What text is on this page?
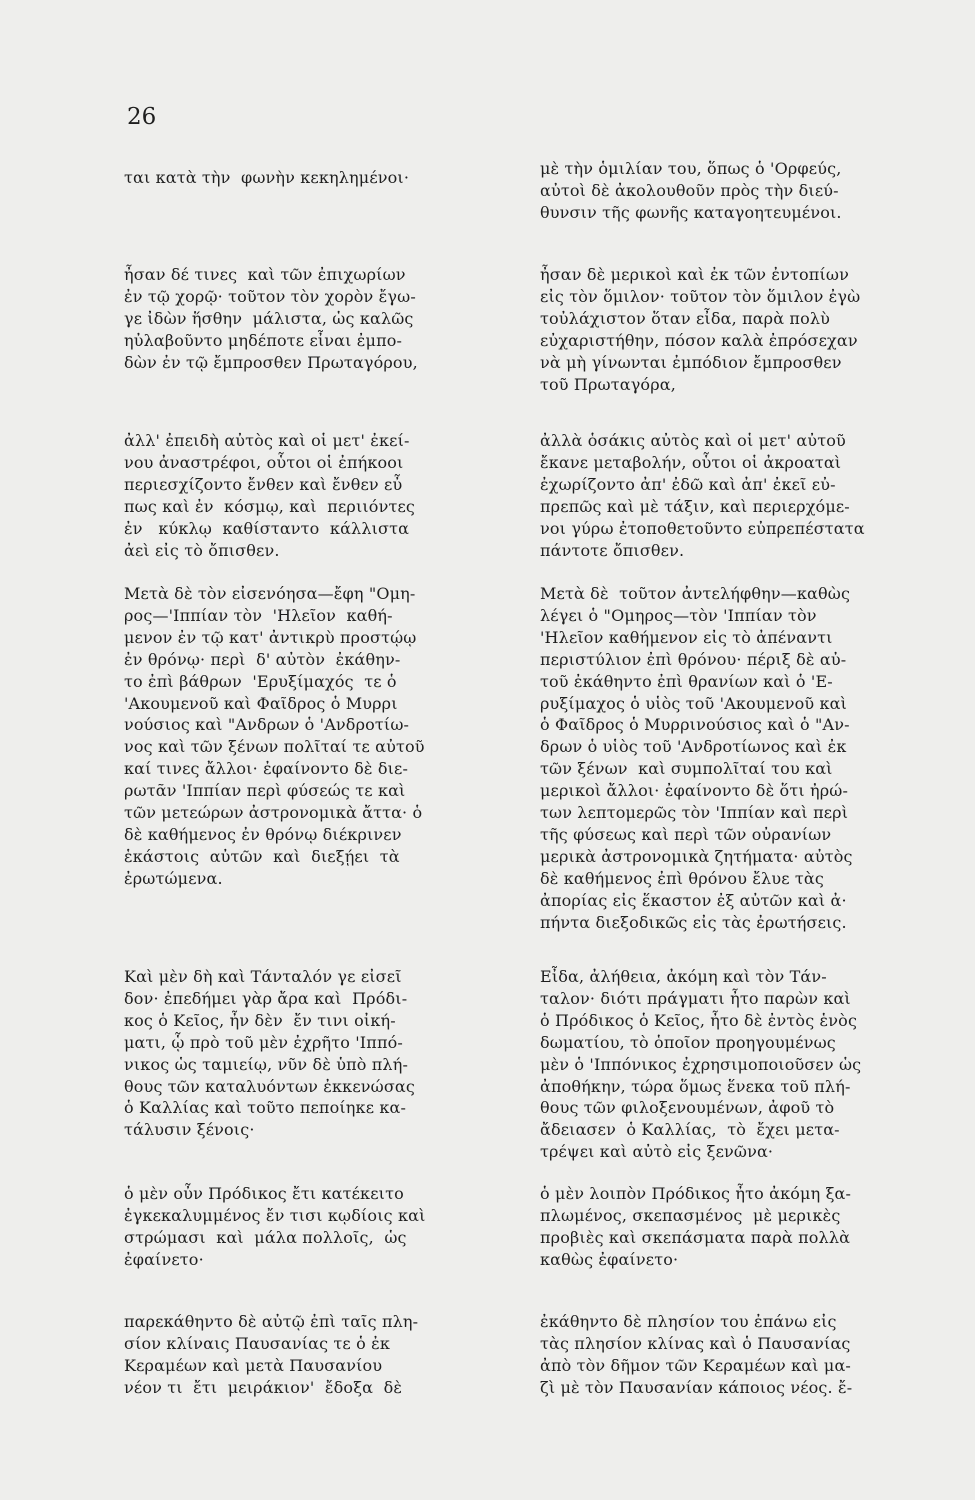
26

ται κατὰ τὴν  φωνὴν κεκηλημένοι·

ἦσαν δέ τινες  καὶ τῶν ἐπιχωρίων
ἐν τῷ χορῷ· τοῦτον τὸν χορὸν ἔγω-
γε ἰδὼν ἥσθην  μάλιστα, ὡς καλῶς
ηὐλαβοῦντο μηδέποτε εἶναι ἐμπο-
δὼν ἐν τῷ ἔμπροσθεν Πρωταγόρου,

ἀλλ' ἐπειδὴ αὐτὸς καὶ οἱ μετ' ἐκεί-
νου ἀναστρέφοι, οὗτοι οἱ ἐπήκοοι
περιεσχίζοντο ἔνθεν καὶ ἔνθεν εὖ
πως καὶ ἐν  κόσμῳ, καὶ  περιιόντες
ἐν   κύκλῳ  καθίσταντο  κάλλιστα
ἀεὶ εἰς τὸ ὄπισθεν.

Μετὰ δὲ τὸν εἰσενόησα—ἔφη "Ομη-
ρος—'Ιππίαν τὸν  'Ηλεῖον  καθή-
μενον ἐν τῷ κατ' ἀντικρὺ προστῴῳ
ἐν θρόνῳ· περὶ  δ' αὐτὸν  ἐκάθην-
το ἐπὶ βάθρων  'Ερυξίμαχός  τε ὁ
'Ακουμενοῦ καὶ Φαῖδρος ὁ Μυρρι
νούσιος καὶ "Ανδρων ὁ 'Ανδροτίω-
νος καὶ τῶν ξένων πολῖταί τε αὐτοῦ
καί τινες ἄλλοι· ἐφαίνοντο δὲ διε-
ρωτᾶν 'Ιππίαν περὶ φύσεώς τε καὶ
τῶν μετεώρων ἀστρονομικὰ ἄττα· ὁ
δὲ καθήμενος ἐν θρόνῳ διέκρινεν
ἑκάστοις  αὐτῶν  καὶ  διεξῄει  τὰ
ἐρωτώμενα.

Καὶ μὲν δὴ καὶ Τάνταλόν γε εἰσεῖ
δον· ἐπεδήμει γὰρ ἄρα καὶ  Πρόδι-
κος ὁ Κεῖος, ἦν δὲν  ἔν τινι οἰκή-
ματι, ᾧ πρὸ τοῦ μὲν ἐχρῆτο 'Ιππό-
νικος ὡς ταμιείῳ, νῦν δὲ ὑπὸ πλή-
θους τῶν καταλυόντων ἐκκενώσας
ὁ Καλλίας καὶ τοῦτο πεποίηκε κα-
τάλυσιν ξένοις·

ὁ μὲν οὖν Πρόδικος ἔτι κατέκειτο
ἐγκεκαλυμμένος ἔν τισι κῳδίοις καὶ
στρώμασι  καὶ  μάλα πολλοῖς,  ὡς
ἐφαίνετο·

παρεκάθηντο δὲ αὐτῷ ἐπὶ ταῖς πλη-
σίον κλίναις Παυσανίας τε ὁ ἐκ
Κεραμέων καὶ μετὰ Παυσανίου
νέον τι  ἔτι  μειράκιον'  ἔδοξα  δὲ

μὲ τὴν ὁμιλίαν του, ὅπως ὁ 'Ορφεύς,
αὐτοὶ δὲ ἀκολουθοῦν πρὸς τὴν διεύ-
θυνσιν τῆς φωνῆς καταγοητευμένοι.

ἦσαν δὲ μερικοὶ καὶ ἐκ τῶν ἐντοπίων
εἰς τὸν ὅμιλον· τοῦτον τὸν ὅμιλον ἐγὼ
τοὐλάχιστον ὅταν εἶδα, παρὰ πολὺ
εὐχαριστήθην, πόσον καλὰ ἐπρόσεχαν
νὰ μὴ γίνωνται ἐμπόδιον ἔμπροσθεν
τοῦ Πρωταγόρα,

ἀλλὰ ὁσάκις αὐτὸς καὶ οἱ μετ' αὐτοῦ
ἔκανε μεταβολήν, οὗτοι οἱ ἀκροαταὶ
ἐχωρίζοντο ἀπ' ἐδῶ καὶ ἀπ' ἐκεῖ εὐ-
πρεπῶς καὶ μὲ τάξιν, καὶ περιερχόμε-
νοι γύρω ἐτοποθετοῦντο εὐπρεπέστατα
πάντοτε ὄπισθεν.

Μετὰ δὲ  τοῦτον ἀντελήφθην—καθὼς
λέγει ὁ "Ομηρος—τὸν 'Ιππίαν τὸν
'Ηλεῖον καθήμενον εἰς τὸ ἀπέναντι
περιστύλιον ἐπὶ θρόνου· πέριξ δὲ αὐ-
τοῦ ἐκάθηντο ἐπὶ θρανίων καὶ ὁ 'Ε-
ρυξίμαχος ὁ υἱὸς τοῦ 'Ακουμενοῦ καὶ
ὁ Φαῖδρος ὁ Μυρρινούσιος καὶ ὁ "Αν-
δρων ὁ υἱὸς τοῦ 'Ανδροτίωνος καὶ ἐκ
τῶν ξένων  καὶ συμπολῖταί του καὶ
μερικοὶ ἄλλοι· ἐφαίνοντο δὲ ὅτι ἠρώ-
των λεπτομερῶς τὸν 'Ιππίαν καὶ περὶ
τῆς φύσεως καὶ περὶ τῶν οὐρανίων
μερικὰ ἀστρονομικὰ ζητήματα· αὐτὸς
δὲ καθήμενος ἐπὶ θρόνου ἔλυε τὰς
ἀπορίας εἰς ἕκαστον ἐξ αὐτῶν καὶ ἀ·
πήντα διεξοδικῶς εἰς τὰς ἐρωτήσεις.

Εἶδα, ἀλήθεια, ἀκόμη καὶ τὸν Τάν-
ταλον· διότι πράγματι ἦτο παρὼν καὶ
ὁ Πρόδικος ὁ Κεῖος, ἦτο δὲ ἐντὸς ἑνὸς
δωματίου, τὸ ὁποῖον προηγουμένως
μὲν ὁ 'Ιππόνικος ἐχρησιμοποιοῦσεν ὡς
ἀποθήκην, τώρα ὅμως ἕνεκα τοῦ πλή-
θους τῶν φιλοξενουμένων, ἀφοῦ τὸ
ἄδειασεν  ὁ Καλλίας,  τὸ  ἔχει μετα-
τρέψει καὶ αὐτὸ εἰς ξενῶνα·

ὁ μὲν λοιπὸν Πρόδικος ἦτο ἀκόμη ξα-
πλωμένος, σκεπασμένος  μὲ μερικὲς
προβιὲς καὶ σκεπάσματα παρὰ πολλὰ
καθὼς ἐφαίνετο·

ἐκάθηντο δὲ πλησίον του ἐπάνω εἰς
τὰς πλησίον κλίνας καὶ ὁ Παυσανίας
ἀπὸ τὸν δῆμον τῶν Κεραμέων καὶ μα-
ζὶ μὲ τὸν Παυσανίαν κάποιος νέος. ἔ-
